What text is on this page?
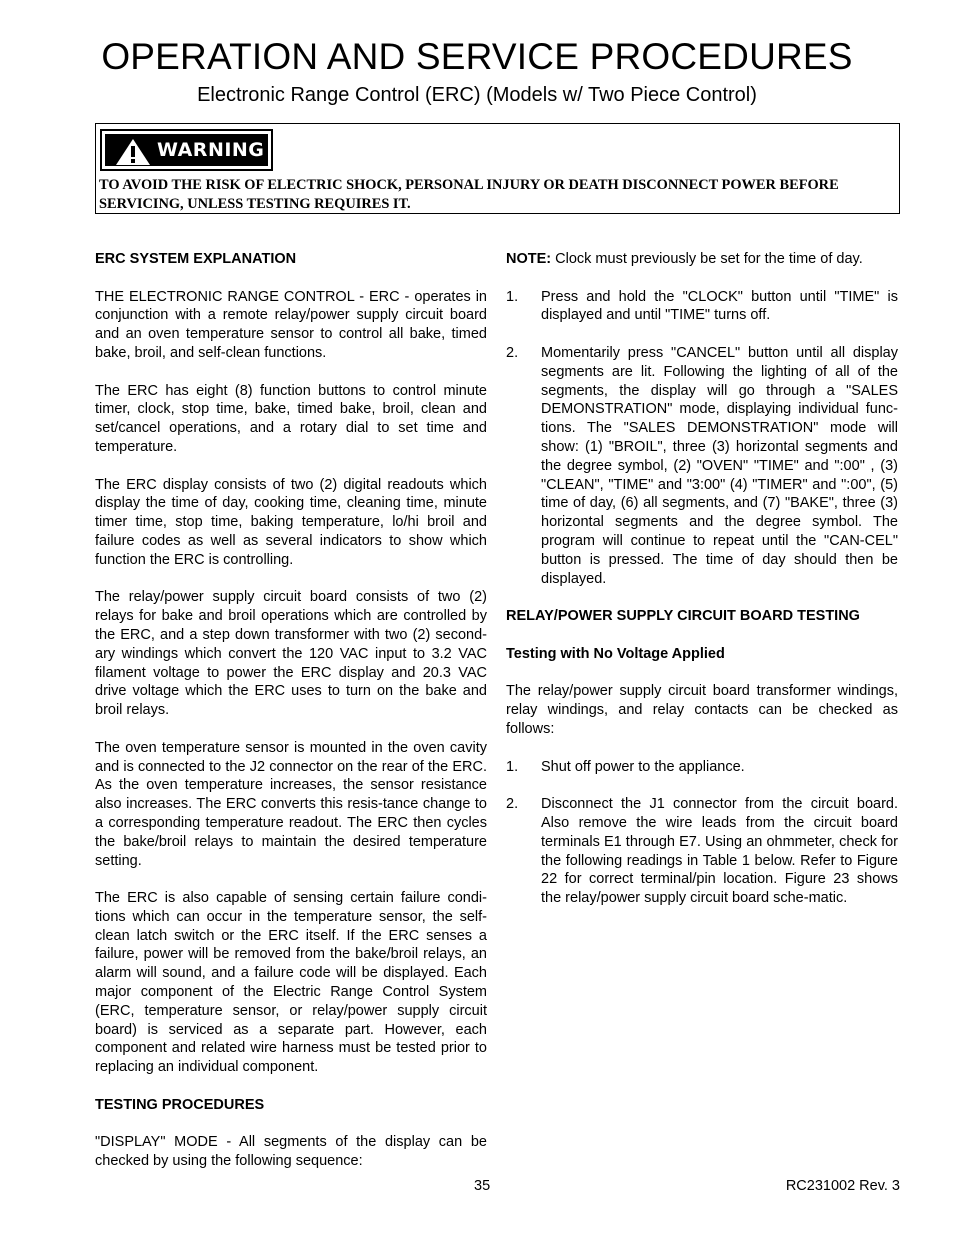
OPERATION AND SERVICE PROCEDURES
Electronic Range Control (ERC) (Models w/ Two Piece Control)
WARNING
TO AVOID THE RISK OF ELECTRIC SHOCK, PERSONAL INJURY OR DEATH DISCONNECT POWER BEFORE SERVICING, UNLESS TESTING REQUIRES IT.
ERC SYSTEM EXPLANATION

THE ELECTRONIC RANGE CONTROL - ERC - operates in conjunction with a remote relay/power supply circuit board and an oven temperature sensor to control all bake, timed bake, broil, and self-clean functions.

The ERC has eight (8) function buttons to control minute timer, clock, stop time, bake, timed bake, broil, clean and set/cancel operations, and a rotary dial to set time and temperature.

The ERC display consists of two (2) digital readouts which display the time of day, cooking time, cleaning time, minute timer time, stop time, baking temperature, lo/hi broil and failure codes as well as several indicators to show which function the ERC is controlling.

The relay/power supply circuit board consists of two (2) relays for bake and broil operations which are controlled by the ERC, and a step down transformer with two (2) second-ary windings which convert the 120 VAC input to 3.2 VAC filament voltage to power the ERC display and 20.3 VAC drive voltage which the ERC uses to turn on the bake and broil relays.

The oven temperature sensor is mounted in the oven cavity and is connected to the J2 connector on the rear of the ERC. As the oven temperature increases, the sensor resistance also increases. The ERC converts this resis-tance change to a corresponding temperature readout. The ERC then cycles the bake/broil relays to maintain the desired temperature setting.

The ERC is also capable of sensing certain failure condi-tions which can occur in the temperature sensor, the self-clean latch switch or the ERC itself. If the ERC senses a failure, power will be removed from the bake/broil relays, an alarm will sound, and a failure code will be displayed. Each major component of the Electric Range Control System (ERC, temperature sensor, or relay/power supply circuit board) is serviced as a separate part. However, each component and related wire harness must be tested prior to replacing an individual component.

TESTING PROCEDURES

"DISPLAY" MODE - All segments of the display can be checked by using the following sequence:

NOTE: Clock must previously be set for the time of day.

1. Press and hold the "CLOCK" button until "TIME" is displayed and until "TIME" turns off.
2. Momentarily press "CANCEL" button until all display segments are lit. Following the lighting of all of the segments, the display will go through a "SALES DEMONSTRATION" mode, displaying individual func-tions. The "SALES DEMONSTRATION" mode will show: (1) "BROIL", three (3) horizontal segments and the degree symbol, (2) "OVEN" "TIME" and ":00" , (3) "CLEAN", "TIME" and "3:00" (4) "TIMER" and ":00", (5) time of day, (6) all segments, and (7) "BAKE", three (3) horizontal segments and the degree symbol. The program will continue to repeat until the "CAN-CEL" button is pressed. The time of day should then be displayed.
RELAY/POWER SUPPLY CIRCUIT BOARD TESTING
Testing with No Voltage Applied

The relay/power supply circuit board transformer windings, relay windings, and relay contacts can be checked as follows:

1. Shut off power to the appliance.
2. Disconnect the J1 connector from the circuit board. Also remove the wire leads from the circuit board terminals E1 through E7. Using an ohmmeter, check for the following readings in Table 1 below. Refer to Figure 22 for correct terminal/pin location. Figure 23 shows the relay/power supply circuit board sche-matic.
35	RC231002 Rev. 3
